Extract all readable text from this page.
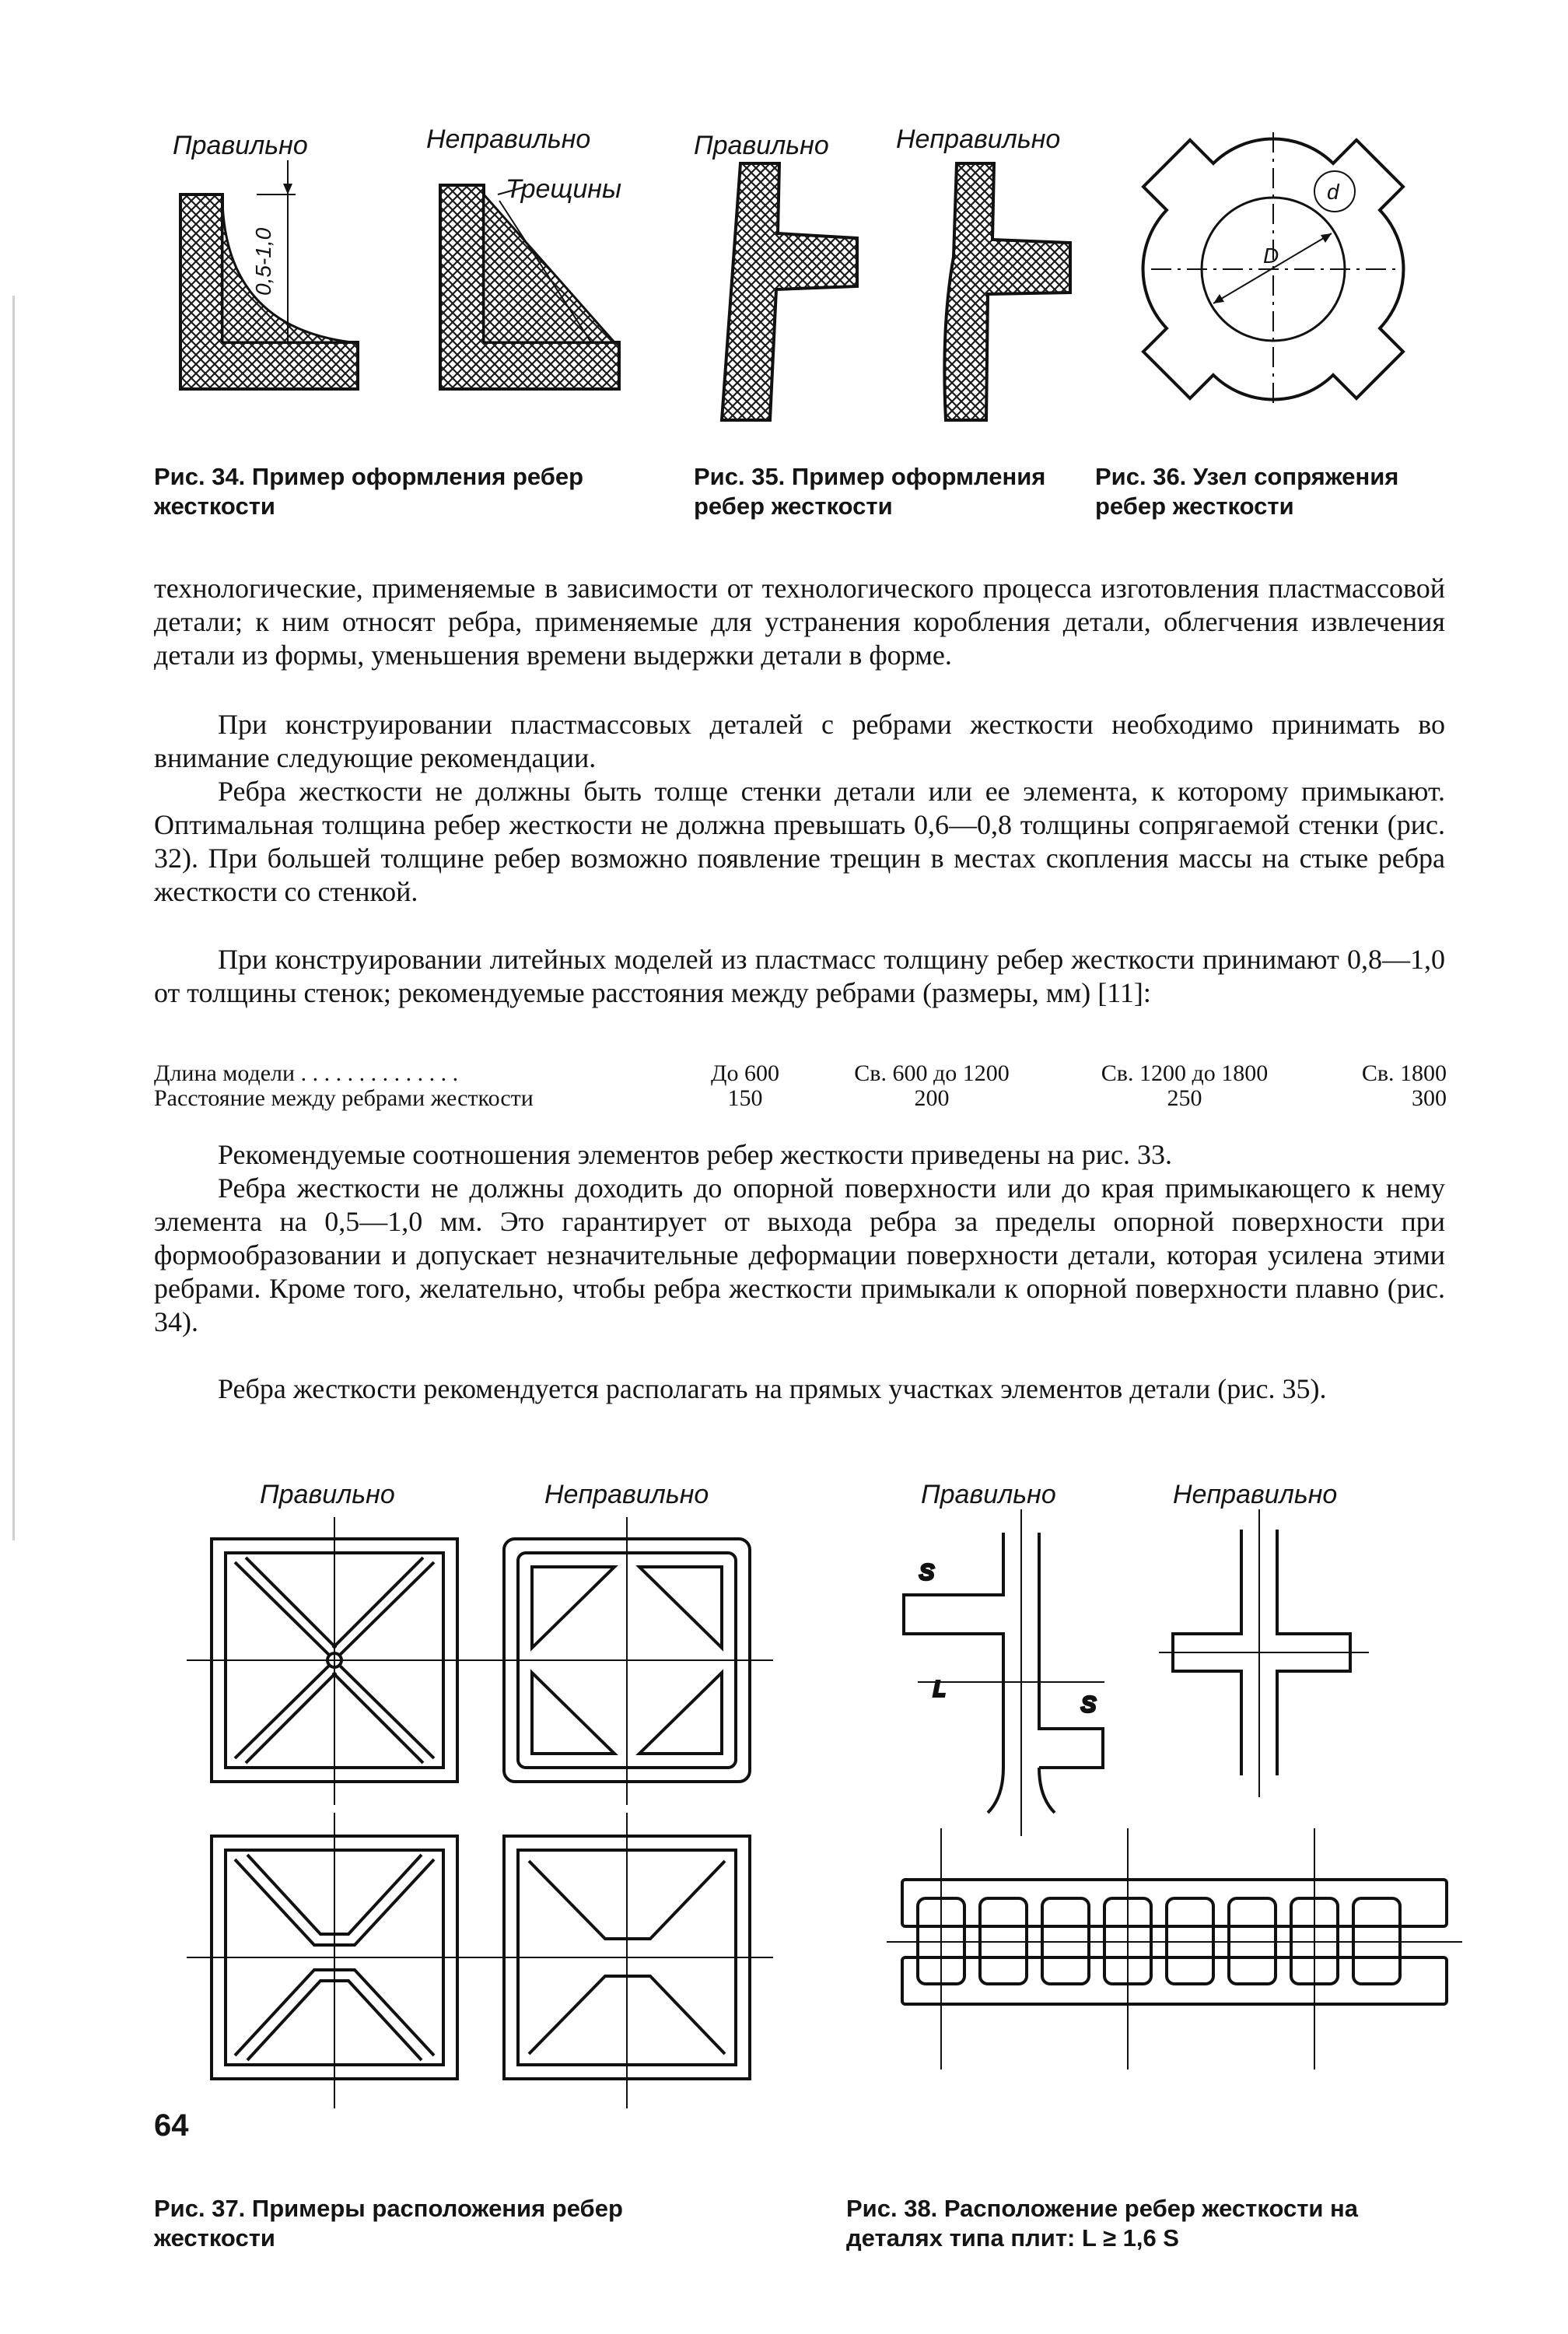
Правильно	Неправильно
Трещины
0,5-1,0
Правильно	Неправильно
D
d
Рис. 34. Пример оформления ребер жесткости
Рис. 35. Пример оформления ребер жесткости
Рис. 36. Узел сопряжения ребер жесткости

технологические, применяемые в зависимости от технологического процесса изготовления пластмассовой детали; к ним относят ребра, применяемые для устранения коробления детали, облегчения извлечения детали из формы, уменьшения времени выдержки детали в форме.

При конструировании пластмассовых деталей с ребрами жесткости необходимо принимать во внимание следующие рекомендации.

Ребра жесткости не должны быть толще стенки детали или ее элемента, к которому примыкают. Оптимальная толщина ребер жесткости не должна превышать 0,6—0,8 толщины сопрягаемой стенки (рис. 32). При большей толщине ребер возможно появление трещин в местах скопления массы на стыке ребра жесткости со стенкой.

При конструировании литейных моделей из пластмасс толщину ребер жесткости принимают 0,8—1,0 от толщины стенок; рекомендуемые расстояния между ребрами (размеры, мм) [11]:

Длина модели . . . . . . . . . . . . . .	До 600	Св. 600 до 1200	Св. 1200 до 1800	Св. 1800
Расстояние между ребрами жесткости	150	200	250	300

Рекомендуемые соотношения элементов ребер жесткости приведены на рис. 33.

Ребра жесткости не должны доходить до опорной поверхности или до края примыкающего к нему элемента на 0,5—1,0 мм. Это гарантирует от выхода ребра за пределы опорной поверхности при формообразовании и допускает незначительные деформации поверхности детали, которая усилена этими ребрами. Кроме того, желательно, чтобы ребра жесткости примыкали к опорной поверхности плавно (рис. 34).

Ребра жесткости рекомендуется располагать на прямых участках элементов детали (рис. 35).

Правильно	Неправильно	Правильно	Неправильно
S
L
S
Рис. 37. Примеры расположения ребер жесткости
Рис. 38. Расположение ребер жесткости на деталях типа плит: L ≥ 1,6 S
64
